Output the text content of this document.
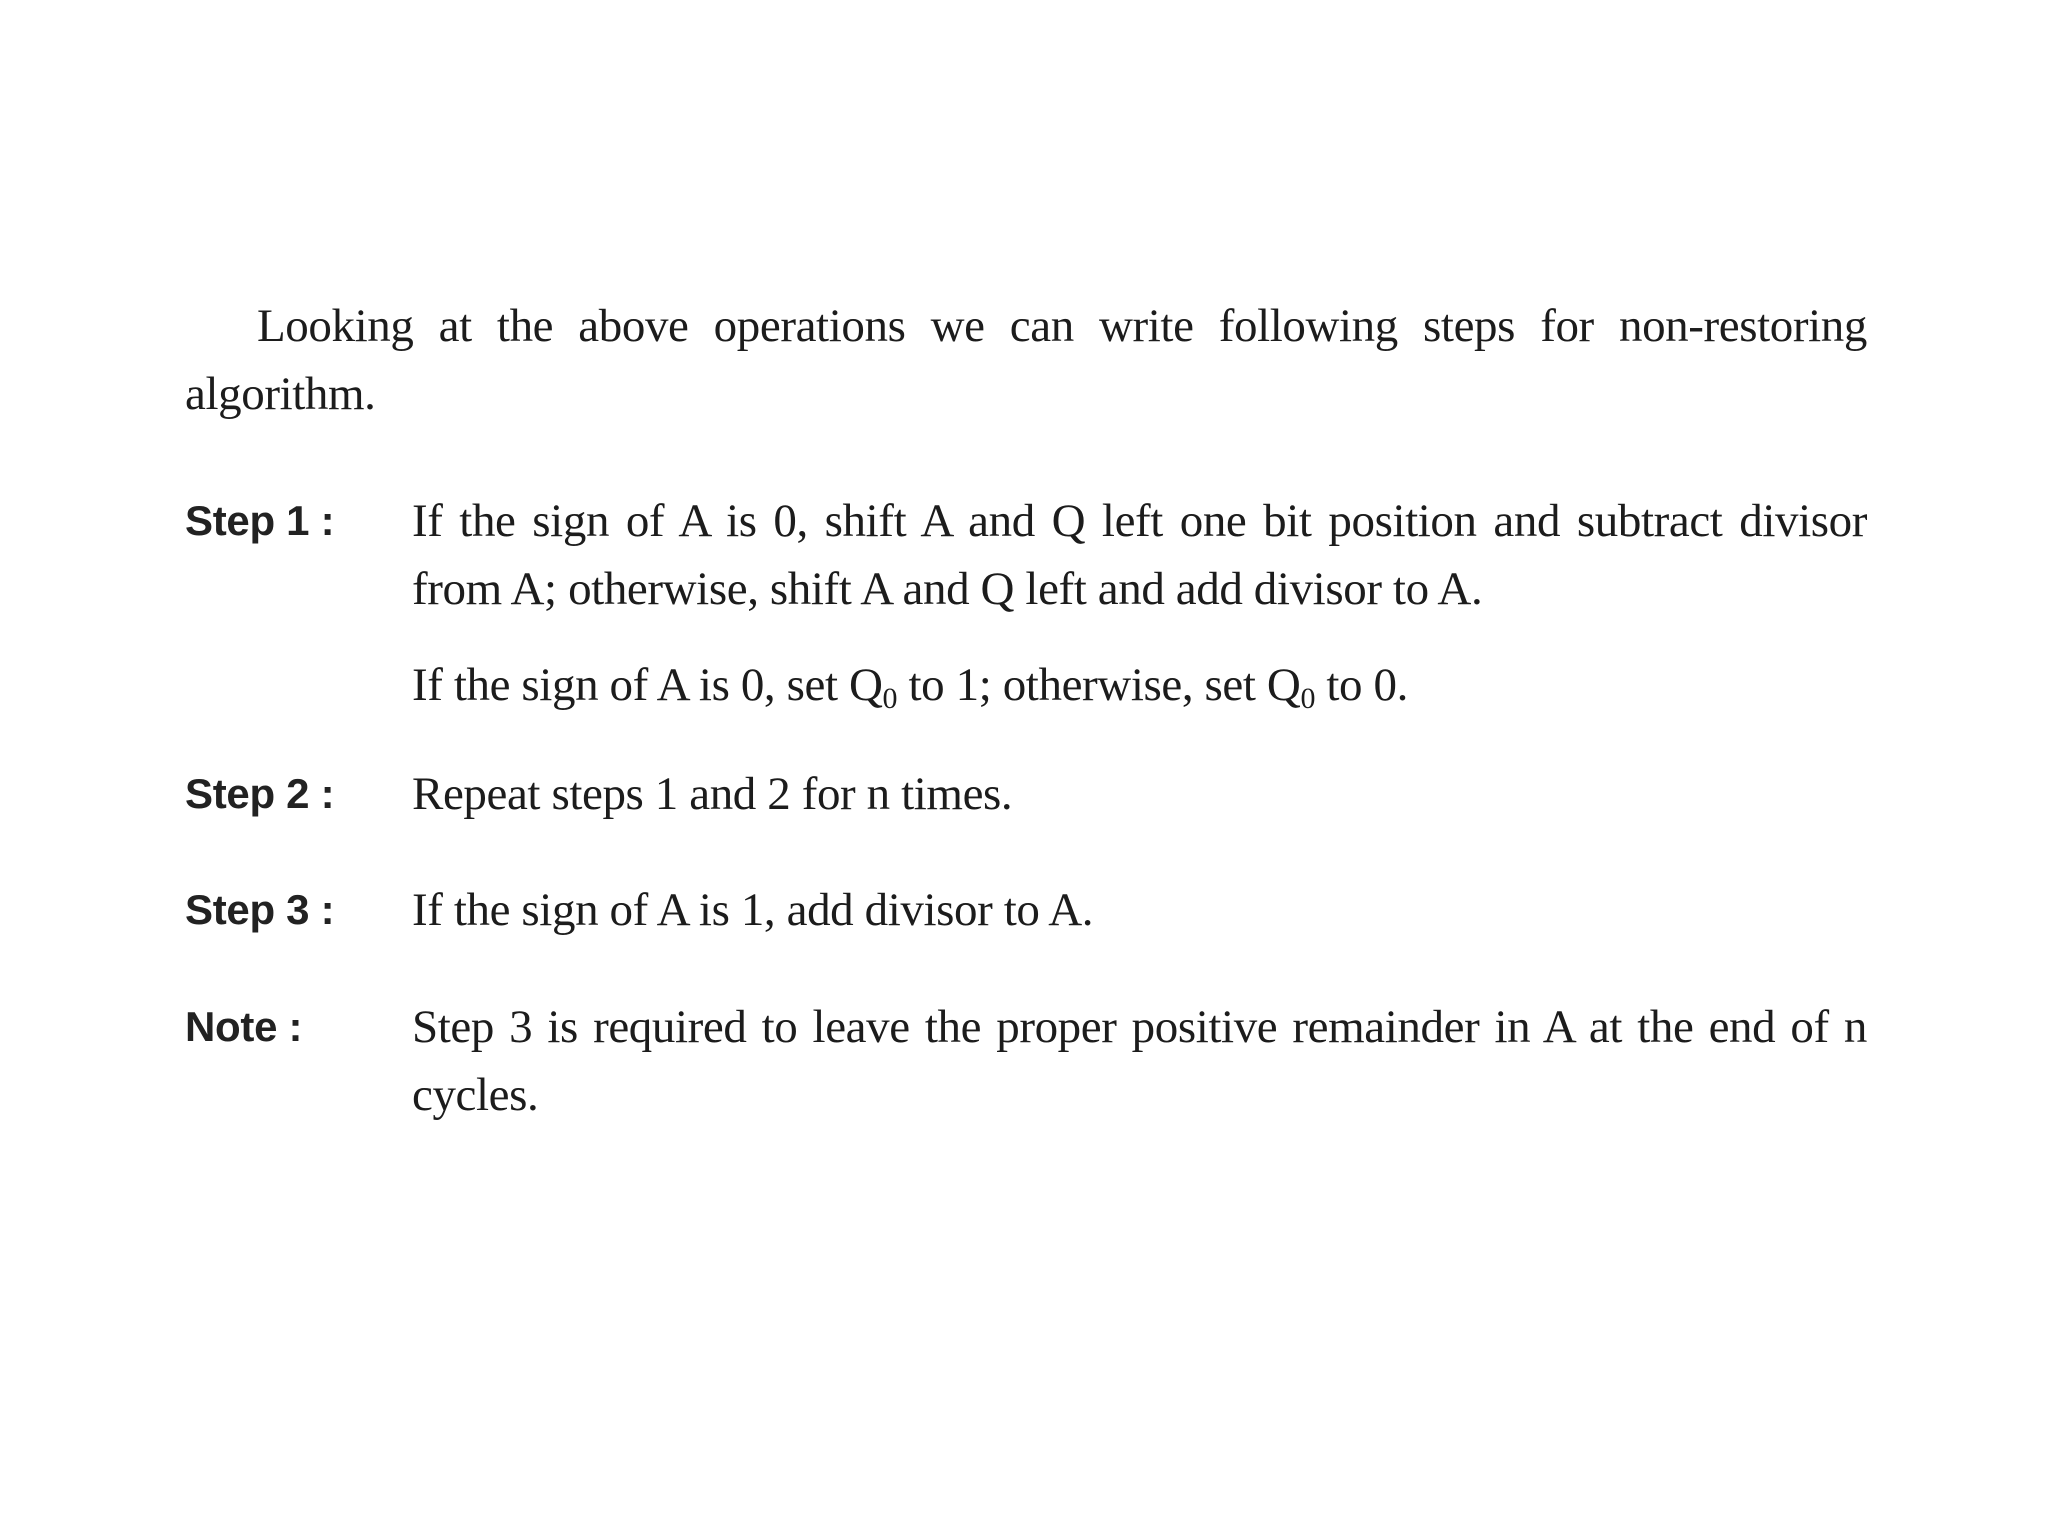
Looking at the above operations we can write following steps for non-restoring algorithm.

Step 1 : If the sign of A is 0, shift A and Q left one bit position and subtract divisor from A; otherwise, shift A and Q left and add divisor to A.

If the sign of A is 0, set $Q_0$ to 1; otherwise, set $Q_0$ to 0.

Step 2 : Repeat steps 1 and 2 for n times.

Step 3 : If the sign of A is 1, add divisor to A.

Note : Step 3 is required to leave the proper positive remainder in A at the end of n cycles.
